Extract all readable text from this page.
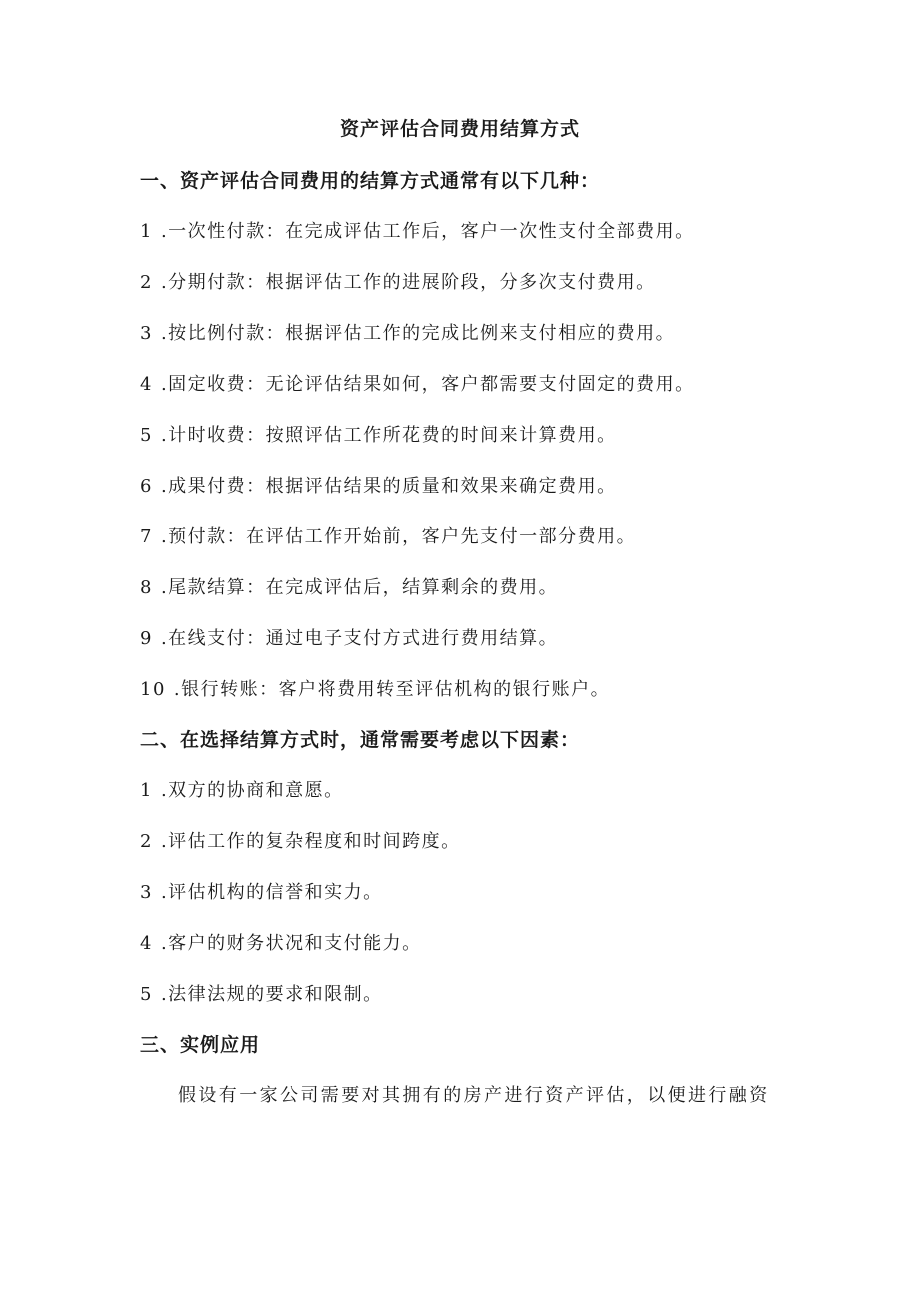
资产评估合同费用结算方式
一、资产评估合同费用的结算方式通常有以下几种：
1 .一次性付款：在完成评估工作后，客户一次性支付全部费用。
2 .分期付款：根据评估工作的进展阶段，分多次支付费用。
3 .按比例付款：根据评估工作的完成比例来支付相应的费用。
4 .固定收费：无论评估结果如何，客户都需要支付固定的费用。
5 .计时收费：按照评估工作所花费的时间来计算费用。
6 .成果付费：根据评估结果的质量和效果来确定费用。
7 .预付款：在评估工作开始前，客户先支付一部分费用。
8 .尾款结算：在完成评估后，结算剩余的费用。
9 .在线支付：通过电子支付方式进行费用结算。
10 .银行转账：客户将费用转至评估机构的银行账户。
二、在选择结算方式时，通常需要考虑以下因素：
1 .双方的协商和意愿。
2 .评估工作的复杂程度和时间跨度。
3 .评估机构的信誉和实力。
4 .客户的财务状况和支付能力。
5 .法律法规的要求和限制。
三、实例应用
假设有一家公司需要对其拥有的房产进行资产评估，以便进行融资
